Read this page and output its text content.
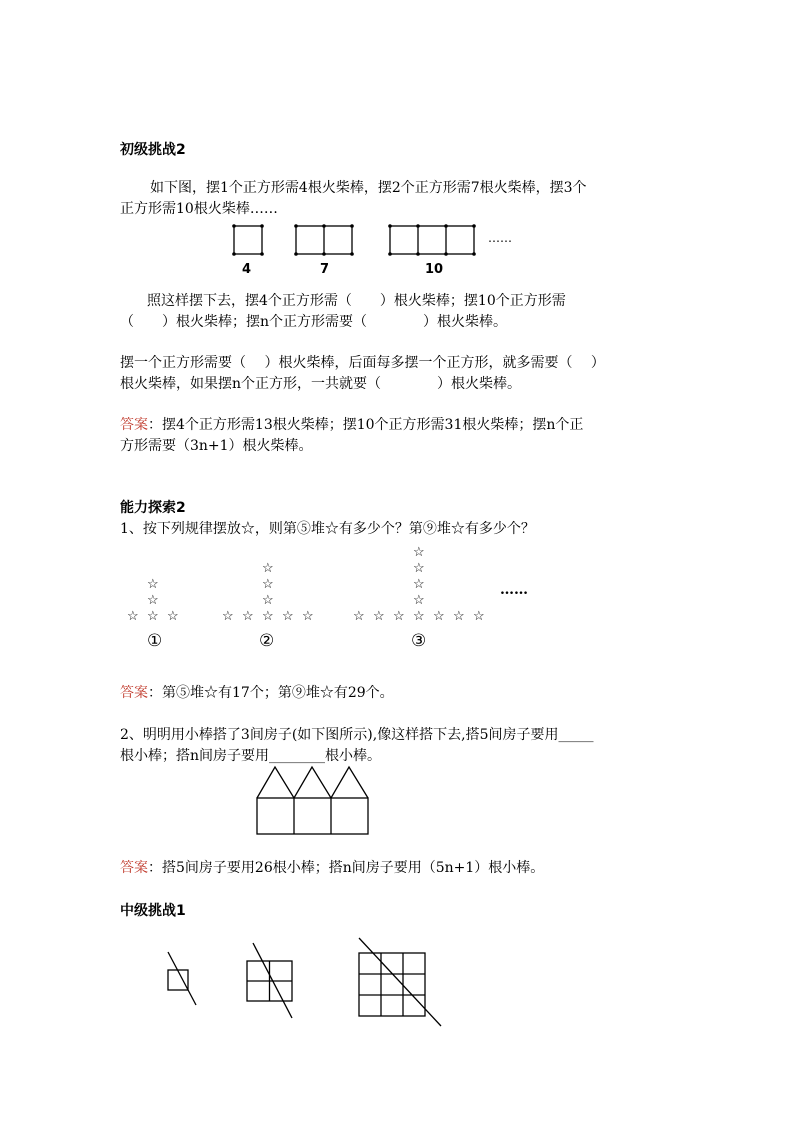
初级挑战2
如下图，摆1个正方形需4根火柴棒，摆2个正方形需7根火柴棒，摆3个
正方形需10根火柴棒……
……
4	7	10
照这样摆下去，摆4个正方形需（　　）根火柴棒；摆10个正方形需
（　　）根火柴棒；摆n个正方形需要（　　　　）根火柴棒。
摆一个正方形需要（　 ）根火柴棒，后面每多摆一个正方形，就多需要（　 ）
根火柴棒，如果摆n个正方形，一共就要（　　　　）根火柴棒。
答案：摆4个正方形需13根火柴棒；摆10个正方形需31根火柴棒；摆n个正
方形需要（3n+1）根火柴棒。
能力探索2
1、按下列规律摆放☆，则第⑤堆☆有多少个？第⑨堆☆有多少个？
☆
☆
☆ ☆ ☆
☆
☆
☆
☆ ☆ ☆ ☆ ☆
☆
☆
☆
☆
☆ ☆ ☆ ☆ ☆ ☆ ☆
……
①	②	③
答案：第⑤堆☆有17个；第⑨堆☆有29个。
2、明明用小棒搭了3间房子(如下图所示),像这样搭下去,搭5间房子要用_____
根小棒；搭n间房子要用________根小棒。
答案：搭5间房子要用26根小棒；搭n间房子要用（5n+1）根小棒。
中级挑战1
